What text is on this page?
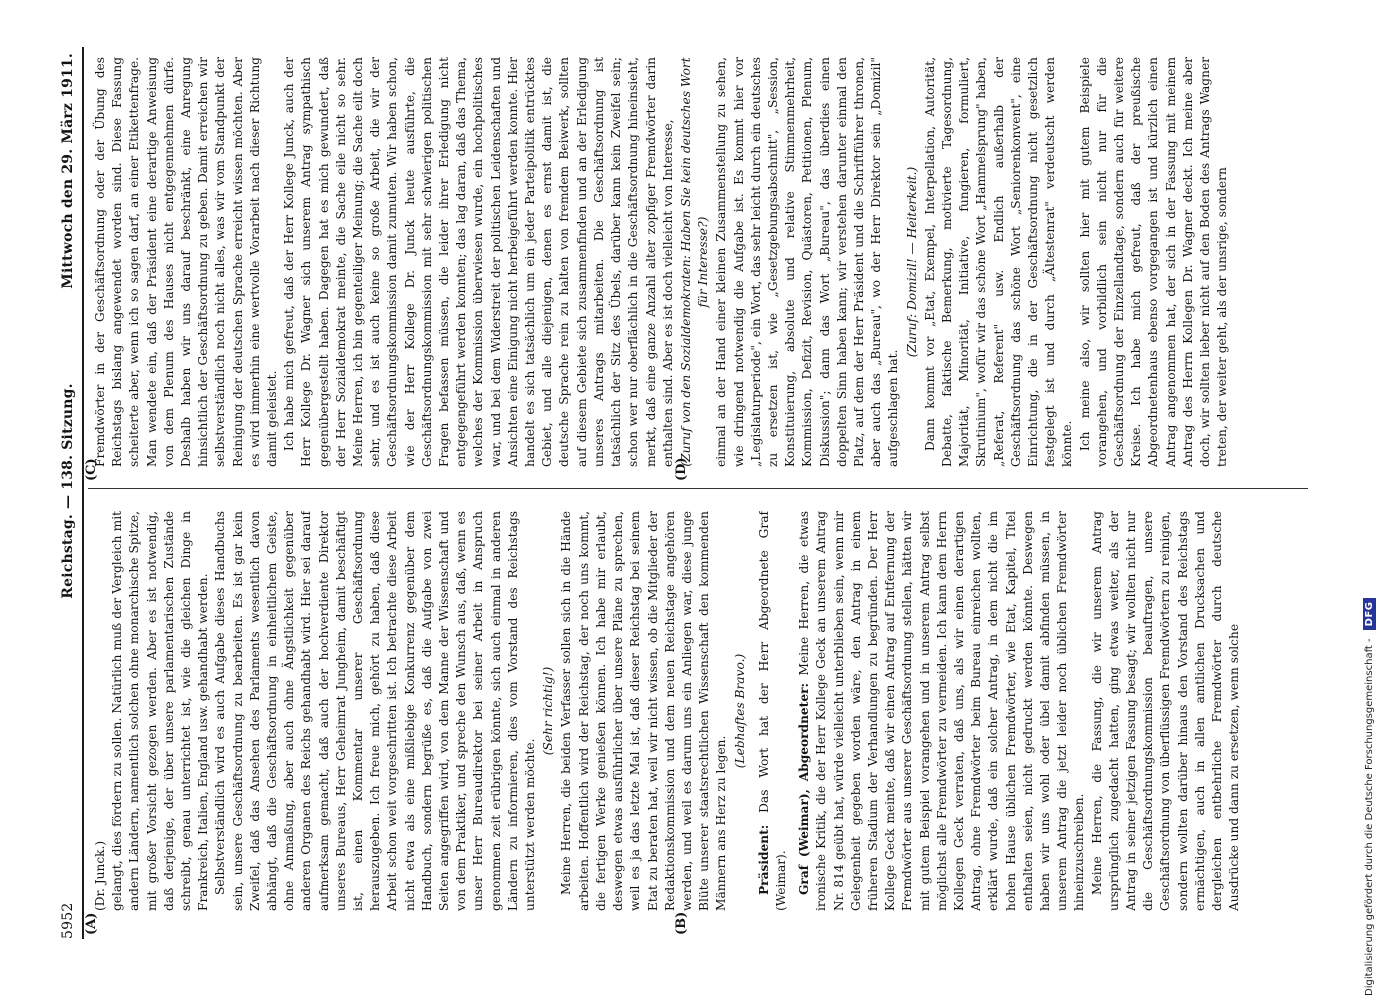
5952
Reichstag. — 138. Sitzung.
Mittwoch den 29. März 1911.
(A)	(B)
(C)	(D)

(Dr. Junck.) gelangt, dies fördern zu sollen. Natürlich muß der Vergleich mit andern Ländern, namentlich solchen ohne monarchische Spitze, mit großer Vorsicht gezogen werden. Aber es ist notwendig, daß derjenige, der über unsere parlamentarischen Zustände schreibt, genau unterrichtet ist, wie die gleichen Dinge in Frankreich, Italien, England usw. gehandhabt werden. Selbstverständlich wird es auch Aufgabe dieses Handbuchs sein, unsere Geschäftsordnung zu bearbeiten. Es ist gar kein Zweifel, daß das Ansehen des Parlaments wesentlich davon abhängt, daß die Geschäftsordnung in einheitlichem Geiste, ohne Anmaßung, aber auch ohne Ängstlichkeit gegenüber anderen Organen des Reichs gehandhabt wird. Hier sei darauf aufmerksam gemacht, daß auch der hochverdiente Direktor unseres Bureaus, Herr Geheimrat Jungheim, damit beschäftigt ist, einen Kommentar unserer Geschäftsordnung herauszugeben. Ich freue mich, gehört zu haben, daß diese Arbeit schon weit vorgeschritten ist. Ich betrachte diese Arbeit nicht etwa als eine mißliebige Konkurrenz gegenüber dem Handbuch, sondern begrüße es, daß die Aufgabe von zwei Seiten angegriffen wird, von dem Manne der Wissenschaft und von dem Praktiker, und spreche den Wunsch aus, daß, wenn es unser Herr Bureaudirektor bei seiner Arbeit in Anspruch genommen zeit erübrigen könnte, sich auch einmal in anderen Ländern zu informieren, dies vom Vorstand des Reichstags unterstützt werden möchte.

(Sehr richtig!) Meine Herren, die beiden Verfasser sollen sich in die Hände arbeiten. Hoffentlich wird der Reichstag, der noch uns kommt, die fertigen Werke genießen können. Ich habe mir erlaubt, deswegen etwas ausführlicher über unsere Pläne zu sprechen, weil es ja das letzte Mal ist, daß dieser Reichstag bei seinem Etat zu beraten hat, weil wir nicht wissen, ob die Mitglieder der Redaktionskommission und dem neuen Reichstage angehören werden, und weil es darum uns ein Anliegen war, diese junge Blüte unserer staatsrechtlichen Wissenschaft den kommenden Männern ans Herz zu legen.

(Lebhaftes Bravo.)

Präsident: Das Wort hat der Herr Abgeordnete Graf (Weimar). Graf (Weimar), Abgeordneter: Meine Herren, die etwas ironische Kritik, die der Herr Kollege Geck an unserem Antrag Nr. 814 geübt hat, würde vielleicht unterblieben sein, wenn mir Gelegenheit gegeben worden wäre, den Antrag in einem früheren Stadium der Verhandlungen zu begründen. Der Herr Kollege Geck meinte, daß wir einen Antrag auf Entfernung der Fremdwörter aus unserer Geschäftsordnung stellen, hätten wir mit gutem Beispiel vorangehen und in unserem Antrag selbst möglichst alle Fremdwörter zu vermeiden. Ich kann dem Herrn Kollegen Geck verraten, daß uns, als wir einen derartigen Antrag, ohne Fremdwörter beim Bureau einreichen wollten, erklärt wurde, daß ein solcher Antrag, in dem nicht die im hohen Hause üblichen Fremdwörter, wie Etat, Kapitel, Titel enthalten seien, nicht gedruckt werden könnte. Deswegen haben wir uns wohl oder übel damit abfinden müssen, in unserem Antrag die jetzt leider noch üblichen Fremdwörter hineinzuschreiben. Meine Herren, die Fassung, die wir unserem Antrag ursprünglich zugedacht hatten, ging etwas weiter, als der Antrag in seiner jetzigen Fassung besagt; wir wollten nicht nur die Geschäftsordnungskommission beauftragen, unsere Geschäftsordnung von überflüssigen Fremdwörtern zu reinigen, sondern wollten darüber hinaus den Vorstand des Reichstags ermächtigen, auch in allen amtlichen Drucksachen und dergleichen entbehrliche Fremdwörter durch deutsche Ausdrücke und dann zu ersetzen, wenn solche

Fremdwörter in der Geschäftsordnung oder der Übung des Reichstags bislang angewendet worden sind. Diese Fassung scheiterte aber, wenn ich so sagen darf, an einer Etikettenfrage. Man wendete ein, daß der Präsident eine derartige Anweisung von dem Plenum des Hauses nicht entgegennehmen dürfe. Deshalb haben wir uns darauf beschränkt, eine Anregung hinsichtlich der Geschäftsordnung zu geben. Damit erreichen wir selbstverständlich noch nicht alles, was wir vom Standpunkt der Reinigung der deutschen Sprache erreicht wissen möchten. Aber es wird immerhin eine wertvolle Vorarbeit nach dieser Richtung damit geleistet. Ich habe mich gefreut, daß der Herr Kollege Junck, auch der Herr Kollege Dr. Wagner sich unserem Antrag sympathisch gegenübergestellt haben. Dagegen hat es mich gewundert, daß der Herr Sozialdemokrat meinte, die Sache eile nicht so sehr. Meine Herren, ich bin gegenteiliger Meinung; die Sache eilt doch sehr, und es ist auch keine so große Arbeit, die wir der Geschäftsordnungskommission damit zumuten. Wir haben schon, wie der Herr Kollege Dr. Junck heute ausführte, die Geschäftsordnungskommission mit sehr schwierigen politischen Fragen befassen müssen, die leider ihrer Erledigung nicht entgegengeführt werden konnten; das lag daran, daß das Thema, welches der Kommission überwiesen wurde, ein hochpolitisches war, und bei dem Widerstreit der politischen Leidenschaften und Ansichten eine Einigung nicht herbeigeführt werden konnte. Hier handelt es sich tatsächlich um ein jeder Parteipolitik entrücktes Gebiet, und alle diejenigen, denen es ernst damit ist, die deutsche Sprache rein zu halten von fremdem Beiwerk, sollten auf diesem Gebiete sich zusammenfinden und an der Erledigung unseres Antrags mitarbeiten. Die Geschäftsordnung ist tatsächlich der Sitz des Übels, darüber kann kein Zweifel sein; schon wer nur oberflächlich in die Geschäftsordnung hineinsieht, merkt, daß eine ganze Anzahl alter zopfiger Fremdwörter darin enthalten sind. Aber es ist doch vielleicht von Interesse, (Zuruf von den Sozialdemokraten: Haben Sie kein deutsches Wort für Interesse?) einmal an der Hand einer kleinen Zusammenstellung zu sehen, wie dringend notwendig die Aufgabe ist. Es kommt hier vor „Legislaturperiode", ein Wort, das sehr leicht durch ein deutsches zu ersetzen ist, wie „Gesetzgebungsabschnitt", „Session, Konstituierung, absolute und relative Stimmenmehrheit, Kommission, Defizit, Revision, Quästoren, Petitionen, Plenum, Diskussion"; dann das Wort „Bureau", das überdies einen doppelten Sinn haben kann; wir verstehen darunter einmal den Platz, auf dem der Herr Präsident und die Schriftführer thronen, aber auch das „Bureau", wo der Herr Direktor sein „Domizil" aufgeschlagen hat.

(Zuruf: Domizil! — Heiterkeit.) Dann kommt vor „Etat, Exempel, Interpellation, Autorität, Debatte, faktische Bemerkung, motivierte Tagesordnung, Majorität, Minorität, Initiative, fungieren, formuliert, Skrutinium", wofür wir das schöne Wort „Hammelsprung" haben, „Referat, Referent" usw. Endlich außerhalb der Geschäftsordnung das schöne Wort „Seniorenkonvent", eine Einrichtung, die in der Geschäftsordnung nicht gesetzlich festgelegt ist und durch „Ältestenrat" verdeutscht werden könnte. Ich meine also, wir sollten hier mit gutem Beispiele vorangehen, und vorbildlich sein nicht nur für die Geschäftsordnung der Einzellandtage, sondern auch für weitere Kreise. Ich habe mich gefreut, daß der preußische Abgeordnetenhaus ebenso vorgegangen ist und kürzlich einen Antrag angenommen hat, der sich in der Fassung mit meinem Antrag des Herrn Kollegen Dr. Wagner deckt. Ich meine aber doch, wir sollten lieber nicht auf den Boden des Antrags Wagner treten, der weiter geht, als der unsrige, sondern

Digitalisierung gefördert durch die Deutsche Forschungsgemeinschaft -
DFG
